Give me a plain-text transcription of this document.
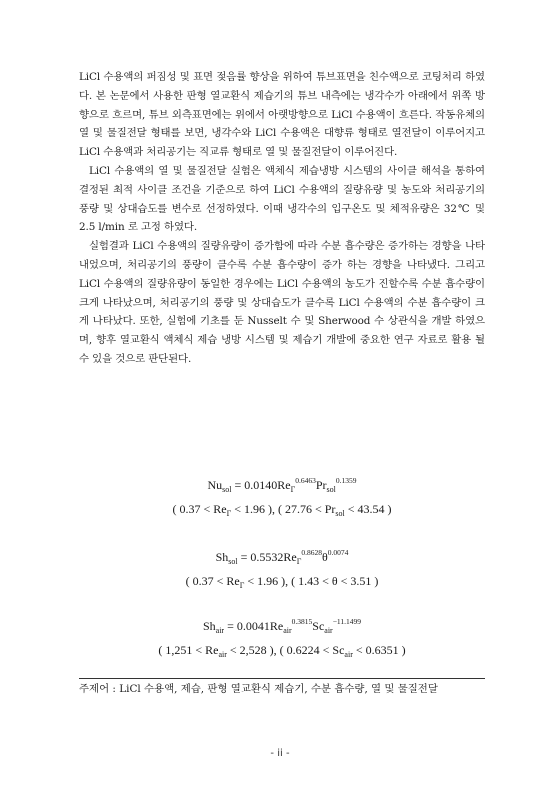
LiCl 수용액의 퍼짐성 및 표면 젖음률 향상을 위하여 튜브표면을 친수액으로 코팅처리 하였다. 본 논문에서 사용한 판형 열교환식 제습기의 튜브 내측에는 냉각수가 아래에서 위쪽 방향으로 흐르며, 튜브 외측표면에는 위에서 아랫방향으로 LiCl 수용액이 흐른다. 작동유체의 열 및 물질전달 형태를 보면, 냉각수와 LiCl 수용액은 대향류 형태로 열전달이 이루어지고 LiCl 수용액과 처리공기는 직교류 형태로 열 및 물질전달이 이루어진다.

LiCl 수용액의 열 및 물질전달 실험은 액체식 제습냉방 시스템의 사이클 해석을 통하여 결정된 최적 사이클 조건을 기준으로 하여 LiCl 수용액의 질량유량 및 농도와 처리공기의 풍량 및 상대습도를 변수로 선정하였다. 이때 냉각수의 입구온도 및 체적유량은 32℃ 및 2.5 l/min 로 고정 하였다.

실험결과 LiCl 수용액의 질량유량이 증가함에 따라 수분 흡수량은 증가하는 경향을 나타내었으며, 처리공기의 풍량이 클수록 수분 흡수량이 증가 하는 경향을 나타냈다. 그리고 LiCl 수용액의 질량유량이 동일한 경우에는 LiCl 수용액의 농도가 진할수록 수분 흡수량이 크게 나타났으며, 처리공기의 풍량 및 상대습도가 클수록 LiCl 수용액의 수분 흡수량이 크게 나타났다. 또한, 실험에 기초를 둔 Nusselt 수 및 Sherwood 수 상관식을 개발 하였으며, 향후 열교환식 액체식 제습 냉방 시스템 및 제습기 개발에 중요한 연구 자료로 활용 될 수 있을 것으로 판단된다.

$Nu_{sol} = 0.0140Re_\Gamma^{0.6463}Pr_{sol}^{0.1359}$
( $0.37 < Re_\Gamma < 1.96$ ), ( $27.76 < Pr_{sol} < 43.54$ )
$Sh_{sol} = 0.5532Re_\Gamma^{0.8628}\theta^{0.0074}$
( $0.37 < Re_\Gamma < 1.96$ ), ( 1.43 < θ < 3.51 )
$Sh_{air} = 0.0041Re_{air}^{0.3815}Sc_{air}^{-11.1499}$
( $1,251 < Re_{air} < 2,528$ ), ( $0.6224 < Sc_{air} < 0.6351$ )
주제어 : LiCl 수용액, 제습, 판형 열교환식 제습기, 수분 흡수량, 열 및 물질전달
- ii -
